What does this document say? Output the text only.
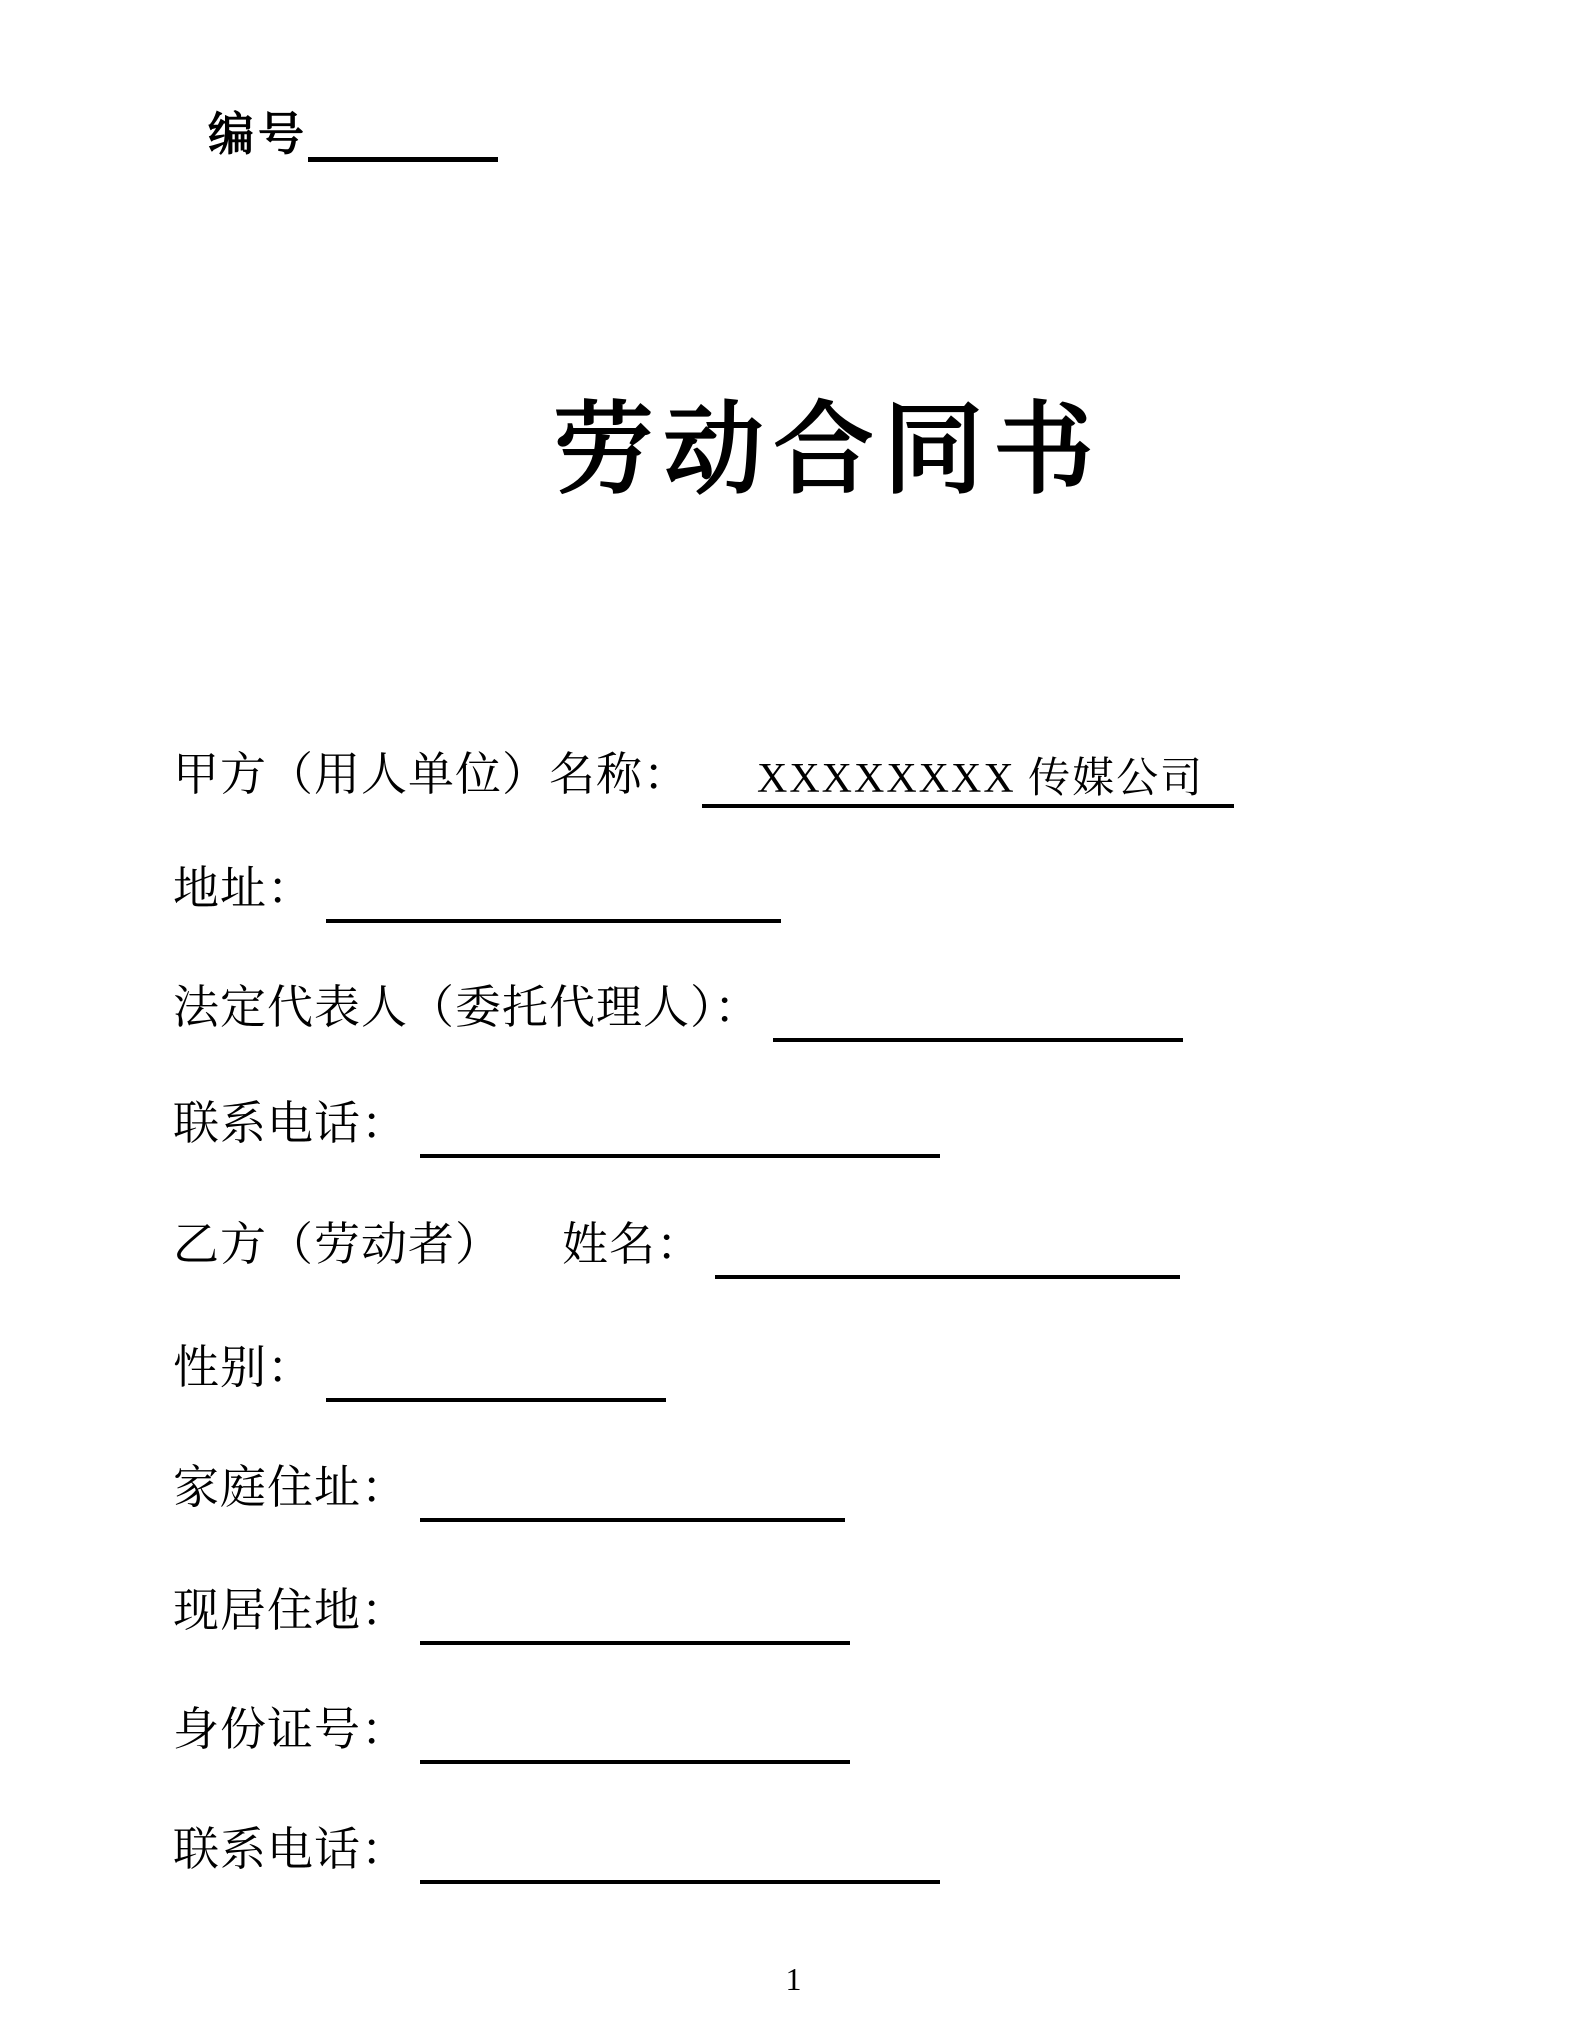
编号
劳动合同书
甲方（用人单位）名称：	XXXXXXXX 传媒公司
地址：
法定代表人（委托代理人）：
联系电话：
乙方（劳动者） 姓名：
性别：
家庭住址：
现居住地：
身份证号：
联系电话：
1
